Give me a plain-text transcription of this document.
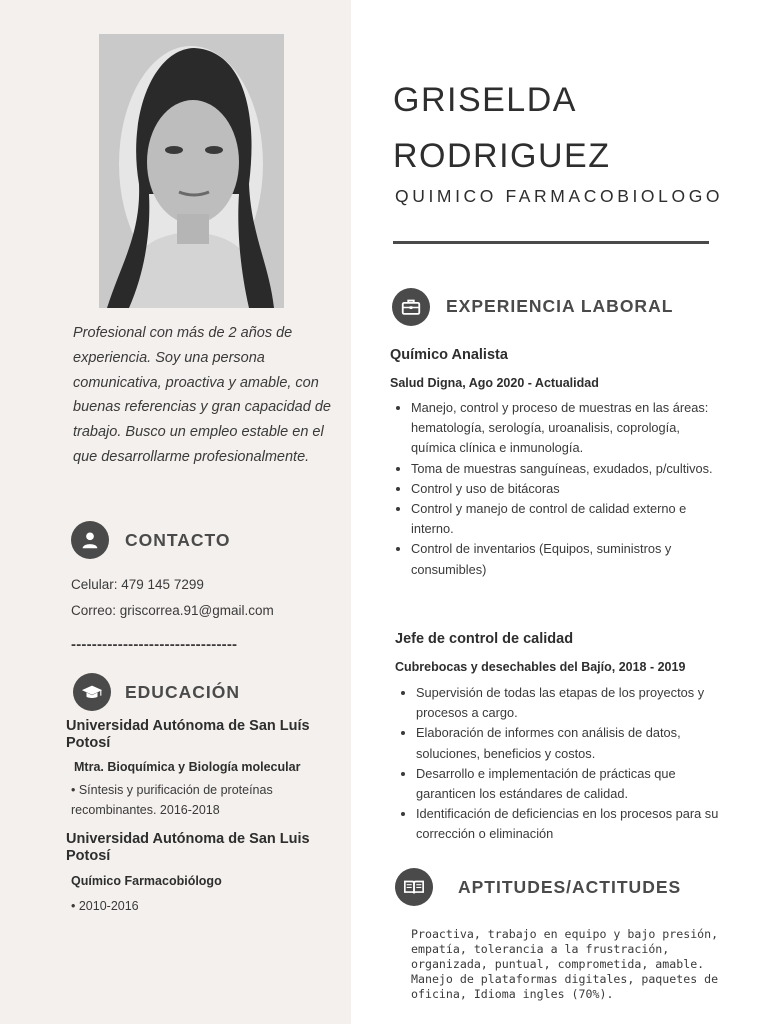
Profesional con más de 2 años de experiencia. Soy una persona comunicativa, proactiva y amable, con buenas referencias y gran capacidad de trabajo. Busco un empleo estable en el que desarrollarme profesionalmente.
CONTACTO
Celular: 479 145 7299
Correo: griscorrea.91@gmail.com
--------------------------------
EDUCACIÓN
Universidad Autónoma de San Luís Potosí
Mtra. Bioquímica y Biología molecular
• Síntesis y purificación de proteínas recombinantes. 2016-2018
Universidad Autónoma de San Luis Potosí
Químico Farmacobiólogo
• 2010-2016
GRISELDA
RODRIGUEZ
QUIMICO FARMACOBIOLOGO
EXPERIENCIA LABORAL
Químico Analista
Salud Digna, Ago 2020 - Actualidad
• Manejo, control y proceso de muestras en las áreas: hematología, serología, uroanalisis, coprología, química clínica e inmunología.
• Toma de muestras sanguíneas, exudados, p/cultivos.
• Control y uso de bitácoras
• Control y manejo de control de calidad externo e interno.
• Control de inventarios (Equipos, suministros y consumibles)
Jefe de control de calidad
Cubrebocas y desechables del Bajío, 2018 - 2019
• Supervisión de todas las etapas de los proyectos y procesos a cargo.
• Elaboración de informes con análisis de datos, soluciones, beneficios y costos.
• Desarrollo e implementación de prácticas que garanticen los estándares de calidad.
• Identificación de deficiencias en los procesos para su corrección o eliminación
APTITUDES/ACTITUDES
Proactiva, trabajo en equipo y bajo presión, empatía, tolerancia a la frustración, organizada, puntual, comprometida, amable.
Manejo de plataformas digitales, paquetes de oficina, Idioma ingles (70%).
